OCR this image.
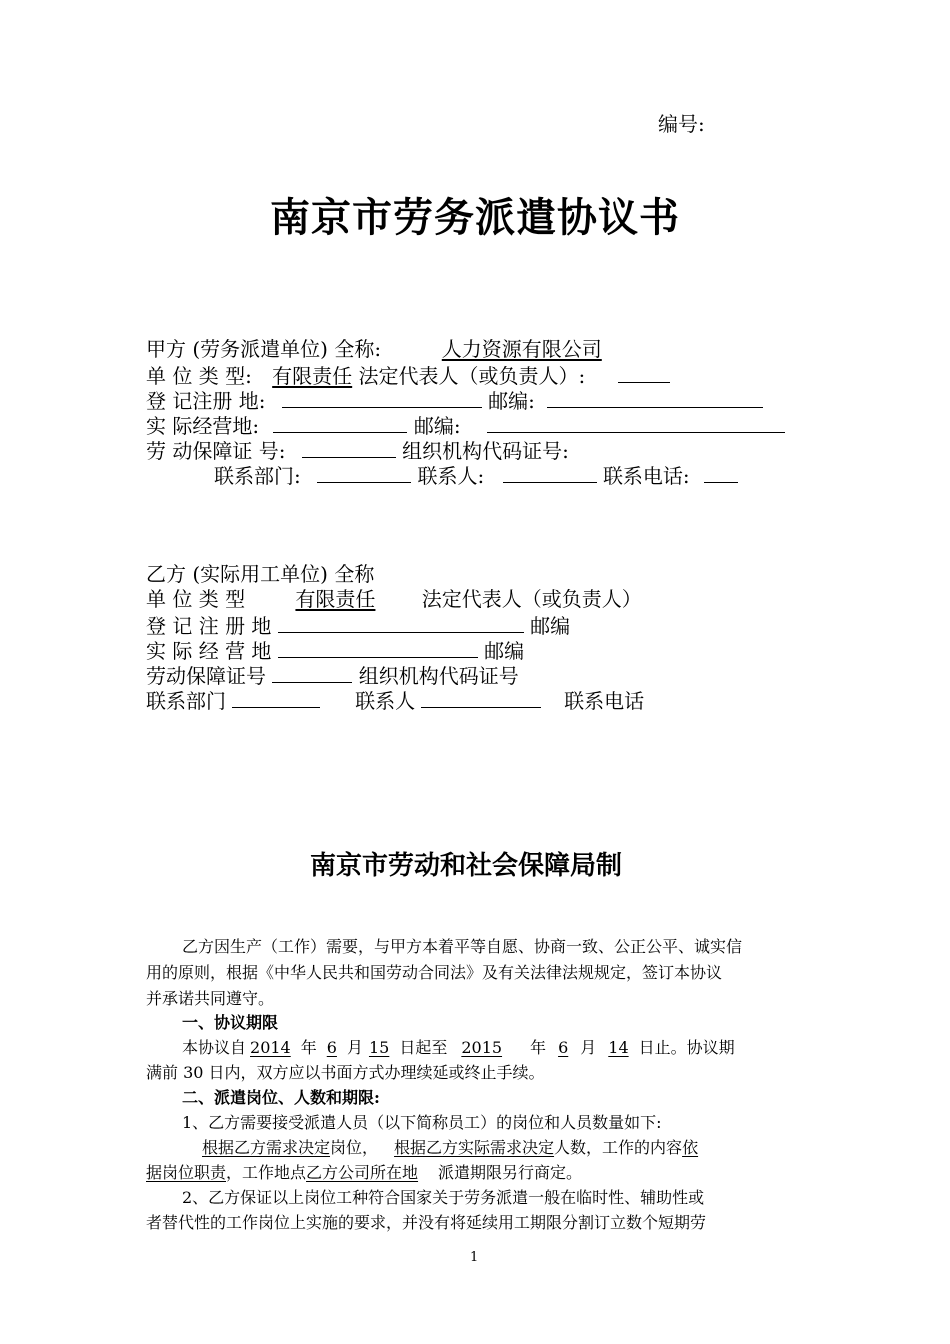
编号:
南京市劳务派遣协议书
甲方 (劳务派遣单位) 全称:	人力资源有限公司
单 位 类 型: 有限责任 法定代表人（或负责人）:
登 记注册 地:	邮编:
实 际经营地:	邮编:
劳 动保障证 号:	组织机构代码证号:
联系部门:	联系人:	联系电话:
乙方 (实际用工单位) 全称
单 位 类 型	有限责任 法定代表人（或负责人）
登 记 注 册 地	邮编
实 际 经 营 地	邮编
劳动保障证号	组织机构代码证号
联系部门	联系人	联系电话
南京市劳动和社会保障局制
乙方因生产（工作）需要，与甲方本着平等自愿、协商一致、公正公平、诚实信
用的原则，根据《中华人民共和国劳动合同法》及有关法律法规规定，签订本协议
并承诺共同遵守。
一、协议期限
本协议自 2014 年 6 月 15 日起至 2015 年 6 月 14 日止。协议期
满前 30 日内，双方应以书面方式办理续延或终止手续。
二、派遣岗位、人数和期限:
1、乙方需要接受派遣人员（以下简称员工）的岗位和人员数量如下:
根据乙方需求决定岗位， 根据乙方实际需求决定人数，工作的内容依
据岗位职责，工作地点乙方公司所在地 派遣期限另行商定。
2、乙方保证以上岗位工种符合国家关于劳务派遣一般在临时性、辅助性或
者替代性的工作岗位上实施的要求，并没有将延续用工期限分割订立数个短期劳
1
